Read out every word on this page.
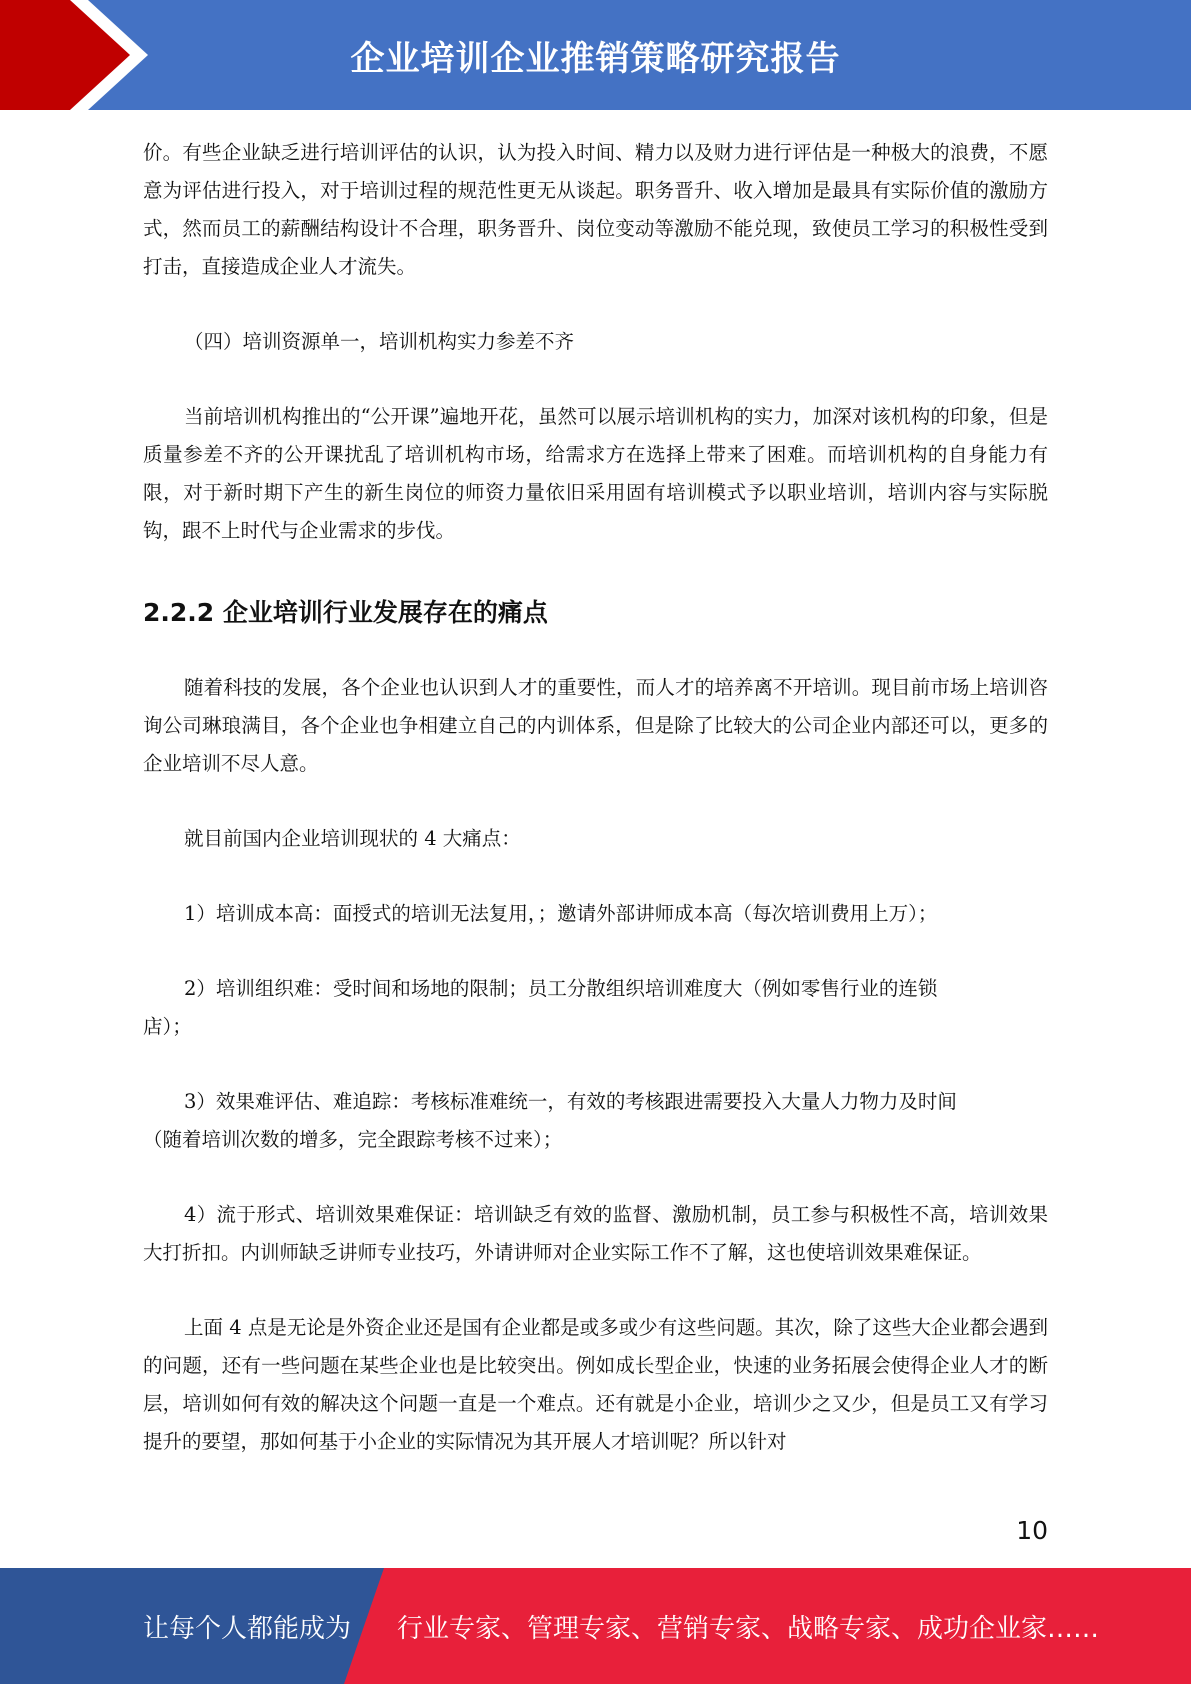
企业培训企业推销策略研究报告

价。有些企业缺乏进行培训评估的认识，认为投入时间、精力以及财力进行评估是一种极大的浪费，不愿意为评估进行投入，对于培训过程的规范性更无从谈起。职务晋升、收入增加是最具有实际价值的激励方式，然而员工的薪酬结构设计不合理，职务晋升、岗位变动等激励不能兑现，致使员工学习的积极性受到打击，直接造成企业人才流失。

（四）培训资源单一，培训机构实力参差不齐

当前培训机构推出的“公开课”遍地开花，虽然可以展示培训机构的实力，加深对该机构的印象，但是质量参差不齐的公开课扰乱了培训机构市场，给需求方在选择上带来了困难。而培训机构的自身能力有限，对于新时期下产生的新生岗位的师资力量依旧采用固有培训模式予以职业培训，培训内容与实际脱钩，跟不上时代与企业需求的步伐。

2.2.2 企业培训行业发展存在的痛点

随着科技的发展，各个企业也认识到人才的重要性，而人才的培养离不开培训。现目前市场上培训咨询公司琳琅满目，各个企业也争相建立自己的内训体系，但是除了比较大的公司企业内部还可以，更多的企业培训不尽人意。

就目前国内企业培训现状的 4 大痛点：

1）培训成本高：面授式的培训无法复用，；邀请外部讲师成本高（每次培训费用上万）；

2）培训组织难：受时间和场地的限制；员工分散组织培训难度大（例如零售行业的连锁

店）；

3）效果难评估、难追踪：考核标准难统一，有效的考核跟进需要投入大量人力物力及时间

（随着培训次数的增多，完全跟踪考核不过来）；

4）流于形式、培训效果难保证：培训缺乏有效的监督、激励机制，员工参与积极性不高，培训效果大打折扣。内训师缺乏讲师专业技巧，外请讲师对企业实际工作不了解，这也使培训效果难保证。

上面 4 点是无论是外资企业还是国有企业都是或多或少有这些问题。其次，除了这些大企业都会遇到的问题，还有一些问题在某些企业也是比较突出。例如成长型企业，快速的业务拓展会使得企业人才的断层，培训如何有效的解决这个问题一直是一个难点。还有就是小企业，培训少之又少，但是员工又有学习提升的要望，那如何基于小企业的实际情况为其开展人才培训呢？所以针对

10
让每个人都能成为 行业专家、管理专家、营销专家、战略专家、成功企业家……
